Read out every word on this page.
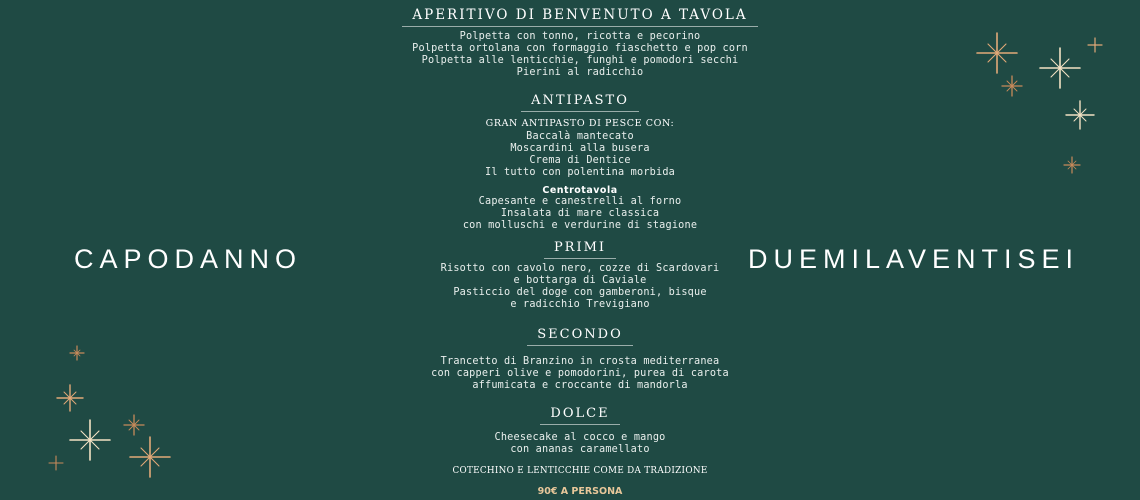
CAPODANNO	DUEMILAVENTISEI
APERITIVO DI BENVENUTO A TAVOLA
Polpetta con tonno, ricotta e pecorino
Polpetta ortolana con formaggio fiaschetto e pop corn
Polpetta alle lenticchie, funghi e pomodori secchi
Pierini al radicchio
ANTIPASTO
GRAN ANTIPASTO DI PESCE CON:
Baccalà mantecato
Moscardini alla busera
Crema di Dentice
Il tutto con polentina morbida
Centrotavola
Capesante e canestrelli al forno
Insalata di mare classica
con molluschi e verdurine di stagione
PRIMI
Risotto con cavolo nero, cozze di Scardovari
e bottarga di Caviale
Pasticcio del doge con gamberoni, bisque
e radicchio Trevigiano
SECONDO
Trancetto di Branzino in crosta mediterranea
con capperi olive e pomodorini, purea di carota
affumicata e croccante di mandorla
DOLCE
Cheesecake al cocco e mango
con ananas caramellato
COTECHINO E LENTICCHIE COME DA TRADIZIONE
90€ A PERSONA
